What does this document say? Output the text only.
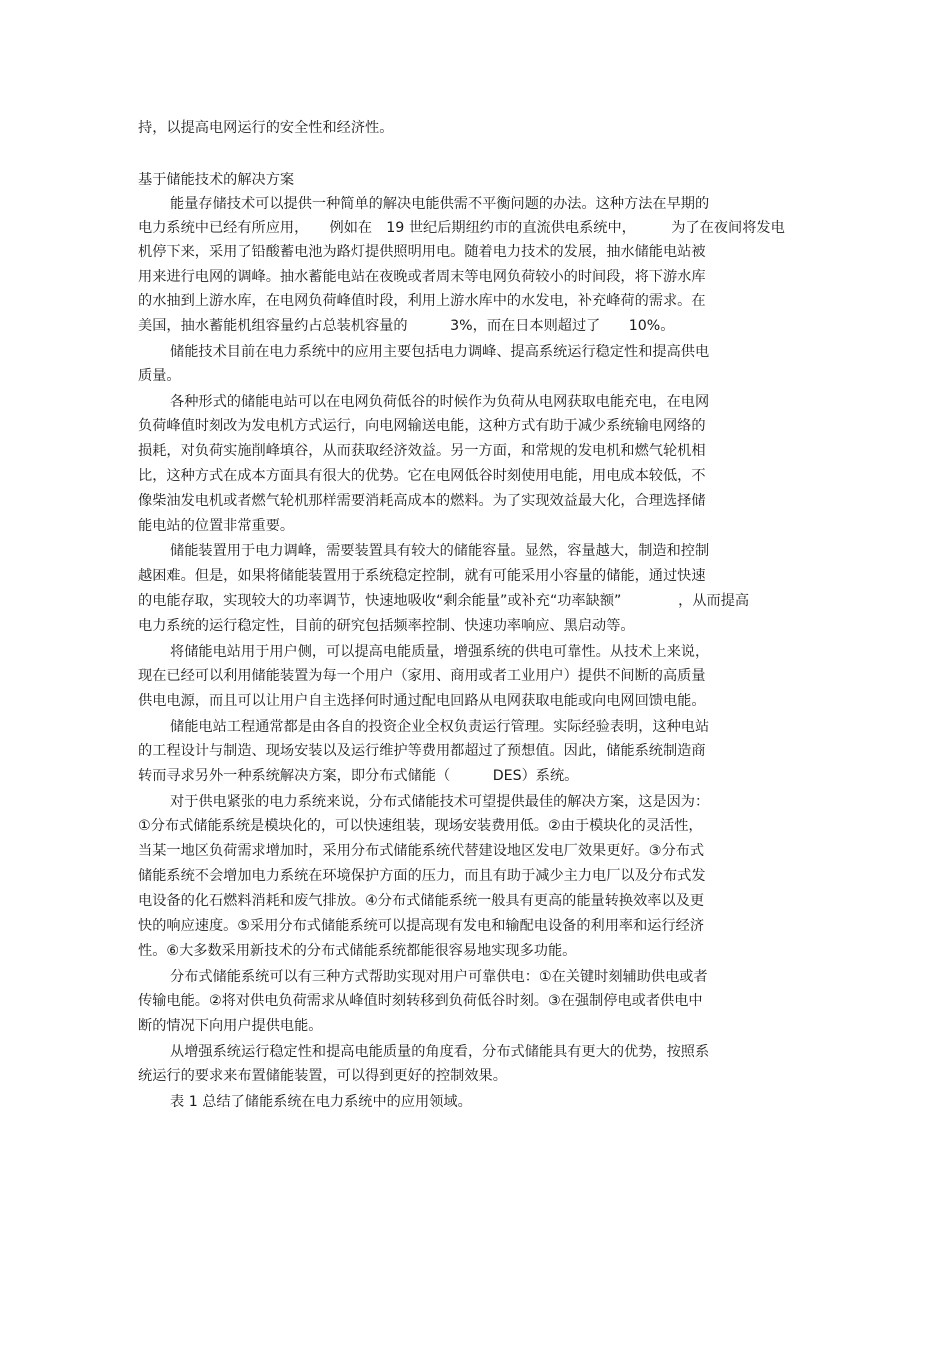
持，以提高电网运行的安全性和经济性。

基于储能技术的解决方案

能量存储技术可以提供一种简单的解决电能供需不平衡问题的办法。这种方法在早期的

电力系统中已经有所应用，　　例如在　19 世纪后期纽约市的直流供电系统中，　　　为了在夜间将发电

机停下来，采用了铅酸蓄电池为路灯提供照明用电。随着电力技术的发展，抽水储能电站被

用来进行电网的调峰。抽水蓄能电站在夜晚或者周末等电网负荷较小的时间段，将下游水库

的水抽到上游水库，在电网负荷峰值时段，利用上游水库中的水发电，补充峰荷的需求。在

美国，抽水蓄能机组容量约占总装机容量的　　　3%，而在日本则超过了　　10%。

储能技术目前在电力系统中的应用主要包括电力调峰、提高系统运行稳定性和提高供电

质量。

各种形式的储能电站可以在电网负荷低谷的时候作为负荷从电网获取电能充电，在电网

负荷峰值时刻改为发电机方式运行，向电网输送电能，这种方式有助于减少系统输电网络的

损耗，对负荷实施削峰填谷，从而获取经济效益。另一方面，和常规的发电机和燃气轮机相

比，这种方式在成本方面具有很大的优势。它在电网低谷时刻使用电能，用电成本较低，不

像柴油发电机或者燃气轮机那样需要消耗高成本的燃料。为了实现效益最大化，合理选择储

能电站的位置非常重要。

储能装置用于电力调峰，需要装置具有较大的储能容量。显然，容量越大，制造和控制

越困难。但是，如果将储能装置用于系统稳定控制，就有可能采用小容量的储能，通过快速

的电能存取，实现较大的功率调节，快速地吸收“剩余能量”或补充“功率缺额”　　　　，从而提高

电力系统的运行稳定性，目前的研究包括频率控制、快速功率响应、黑启动等。

将储能电站用于用户侧，可以提高电能质量，增强系统的供电可靠性。从技术上来说，

现在已经可以利用储能装置为每一个用户（家用、商用或者工业用户）提供不间断的高质量

供电电源，而且可以让用户自主选择何时通过配电回路从电网获取电能或向电网回馈电能。

储能电站工程通常都是由各自的投资企业全权负责运行管理。实际经验表明，这种电站

的工程设计与制造、现场安装以及运行维护等费用都超过了预想值。因此，储能系统制造商

转而寻求另外一种系统解决方案，即分布式储能（　　　DES）系统。

对于供电紧张的电力系统来说，分布式储能技术可望提供最佳的解决方案，这是因为：

①分布式储能系统是模块化的，可以快速组装，现场安装费用低。②由于模块化的灵活性，

当某一地区负荷需求增加时，采用分布式储能系统代替建设地区发电厂效果更好。③分布式

储能系统不会增加电力系统在环境保护方面的压力，而且有助于减少主力电厂以及分布式发

电设备的化石燃料消耗和废气排放。④分布式储能系统一般具有更高的能量转换效率以及更

快的响应速度。⑤采用分布式储能系统可以提高现有发电和输配电设备的利用率和运行经济

性。⑥大多数采用新技术的分布式储能系统都能很容易地实现多功能。

分布式储能系统可以有三种方式帮助实现对用户可靠供电：①在关键时刻辅助供电或者

传输电能。②将对供电负荷需求从峰值时刻转移到负荷低谷时刻。③在强制停电或者供电中

断的情况下向用户提供电能。

从增强系统运行稳定性和提高电能质量的角度看，分布式储能具有更大的优势，按照系

统运行的要求来布置储能装置，可以得到更好的控制效果。

表 1 总结了储能系统在电力系统中的应用领域。
